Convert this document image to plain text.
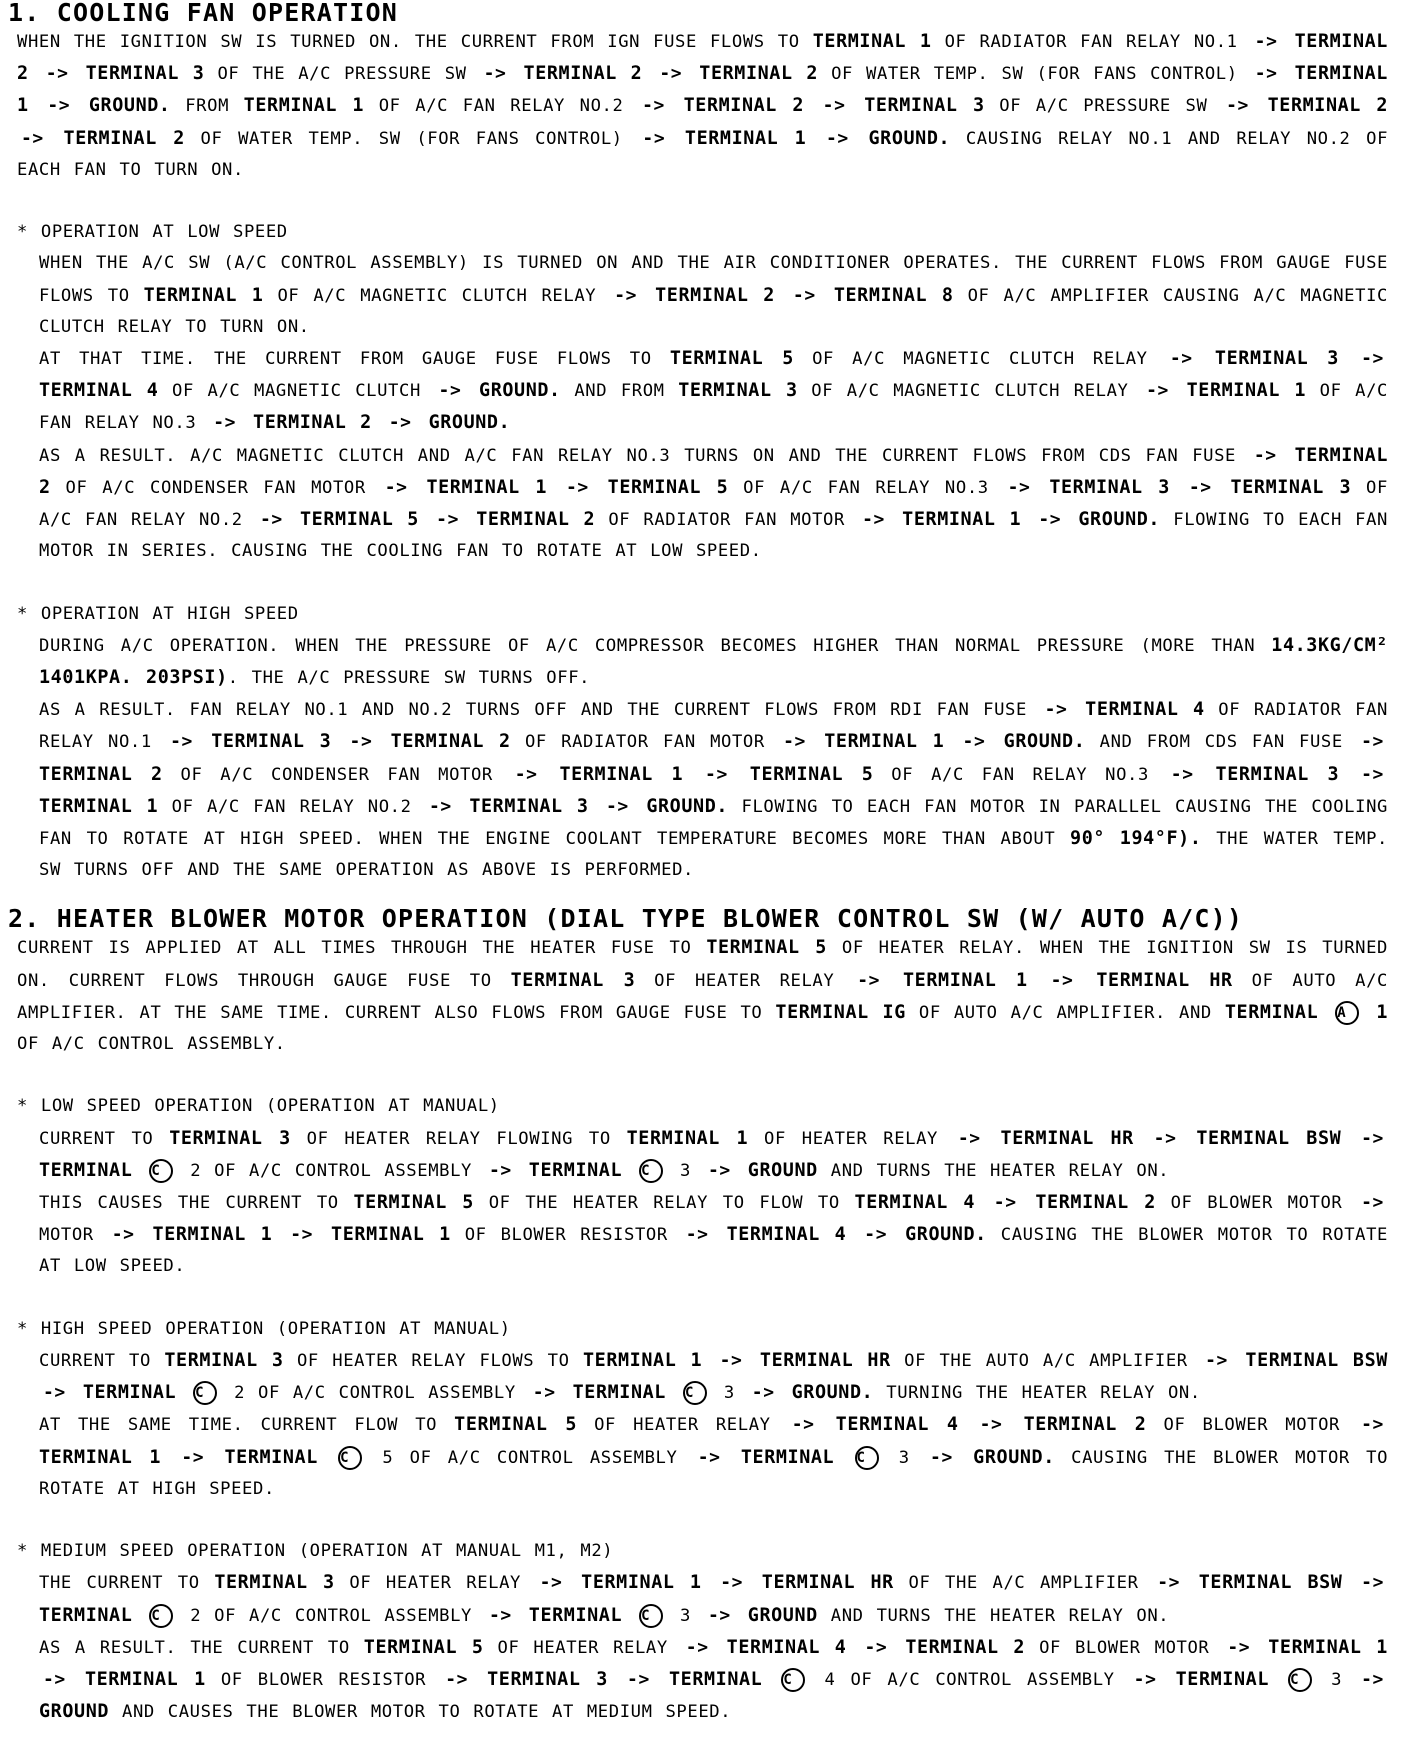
1. COOLING FAN OPERATION

WHEN THE IGNITION SW IS TURNED ON. THE CURRENT FROM IGN FUSE FLOWS TO TERMINAL 1 OF RADIATOR FAN RELAY NO.1 -> TERMINAL 2 -> TERMINAL 3 OF THE A/C PRESSURE SW -> TERMINAL 2 -> TERMINAL 2 OF WATER TEMP. SW (FOR FANS CONTROL) -> TERMINAL 1 -> GROUND. FROM TERMINAL 1 OF A/C FAN RELAY NO.2 -> TERMINAL 2 -> TERMINAL 3 OF A/C PRESSURE SW -> TERMINAL 2 -> TERMINAL 2 OF WATER TEMP. SW (FOR FANS CONTROL) -> TERMINAL 1 -> GROUND. CAUSING RELAY NO.1 AND RELAY NO.2 OF EACH FAN TO TURN ON.

* OPERATION AT LOW SPEED

WHEN THE A/C SW (A/C CONTROL ASSEMBLY) IS TURNED ON AND THE AIR CONDITIONER OPERATES. THE CURRENT FLOWS FROM GAUGE FUSE FLOWS TO TERMINAL 1 OF A/C MAGNETIC CLUTCH RELAY -> TERMINAL 2 -> TERMINAL 8 OF A/C AMPLIFIER CAUSING A/C MAGNETIC CLUTCH RELAY TO TURN ON.

AT THAT TIME. THE CURRENT FROM GAUGE FUSE FLOWS TO TERMINAL 5 OF A/C MAGNETIC CLUTCH RELAY -> TERMINAL 3 -> TERMINAL 4 OF A/C MAGNETIC CLUTCH -> GROUND. AND FROM TERMINAL 3 OF A/C MAGNETIC CLUTCH RELAY -> TERMINAL 1 OF A/C FAN RELAY NO.3 -> TERMINAL 2 -> GROUND.

AS A RESULT. A/C MAGNETIC CLUTCH AND A/C FAN RELAY NO.3 TURNS ON AND THE CURRENT FLOWS FROM CDS FAN FUSE -> TERMINAL 2 OF A/C CONDENSER FAN MOTOR -> TERMINAL 1 -> TERMINAL 5 OF A/C FAN RELAY NO.3 -> TERMINAL 3 -> TERMINAL 3 OF A/C FAN RELAY NO.2 -> TERMINAL 5 -> TERMINAL 2 OF RADIATOR FAN MOTOR -> TERMINAL 1 -> GROUND. FLOWING TO EACH FAN MOTOR IN SERIES. CAUSING THE COOLING FAN TO ROTATE AT LOW SPEED.

* OPERATION AT HIGH SPEED

DURING A/C OPERATION. WHEN THE PRESSURE OF A/C COMPRESSOR BECOMES HIGHER THAN NORMAL PRESSURE (MORE THAN 14.3KG/CM² 1401KPA. 203PSI). THE A/C PRESSURE SW TURNS OFF.

AS A RESULT. FAN RELAY NO.1 AND NO.2 TURNS OFF AND THE CURRENT FLOWS FROM RDI FAN FUSE -> TERMINAL 4 OF RADIATOR FAN RELAY NO.1 -> TERMINAL 3 -> TERMINAL 2 OF RADIATOR FAN MOTOR -> TERMINAL 1 -> GROUND. AND FROM CDS FAN FUSE -> TERMINAL 2 OF A/C CONDENSER FAN MOTOR -> TERMINAL 1 -> TERMINAL 5 OF A/C FAN RELAY NO.3 -> TERMINAL 3 -> TERMINAL 1 OF A/C FAN RELAY NO.2 -> TERMINAL 3 -> GROUND. FLOWING TO EACH FAN MOTOR IN PARALLEL CAUSING THE COOLING FAN TO ROTATE AT HIGH SPEED. WHEN THE ENGINE COOLANT TEMPERATURE BECOMES MORE THAN ABOUT 90° 194°F). THE WATER TEMP. SW TURNS OFF AND THE SAME OPERATION AS ABOVE IS PERFORMED.

2. HEATER BLOWER MOTOR OPERATION (DIAL TYPE BLOWER CONTROL SW (W/ AUTO A/C))

CURRENT IS APPLIED AT ALL TIMES THROUGH THE HEATER FUSE TO TERMINAL 5 OF HEATER RELAY. WHEN THE IGNITION SW IS TURNED ON. CURRENT FLOWS THROUGH GAUGE FUSE TO TERMINAL 3 OF HEATER RELAY -> TERMINAL 1 -> TERMINAL HR OF AUTO A/C AMPLIFIER. AT THE SAME TIME. CURRENT ALSO FLOWS FROM GAUGE FUSE TO TERMINAL IG OF AUTO A/C AMPLIFIER. AND TERMINAL A 1 OF A/C CONTROL ASSEMBLY.

* LOW SPEED OPERATION (OPERATION AT MANUAL)

CURRENT TO TERMINAL 3 OF HEATER RELAY FLOWING TO TERMINAL 1 OF HEATER RELAY -> TERMINAL HR -> TERMINAL BSW -> TERMINAL C 2 OF A/C CONTROL ASSEMBLY -> TERMINAL C 3 -> GROUND AND TURNS THE HEATER RELAY ON.

THIS CAUSES THE CURRENT TO TERMINAL 5 OF THE HEATER RELAY TO FLOW TO TERMINAL 4 -> TERMINAL 2 OF BLOWER MOTOR -> MOTOR -> TERMINAL 1 -> TERMINAL 1 OF BLOWER RESISTOR -> TERMINAL 4 -> GROUND. CAUSING THE BLOWER MOTOR TO ROTATE AT LOW SPEED.

* HIGH SPEED OPERATION (OPERATION AT MANUAL)

CURRENT TO TERMINAL 3 OF HEATER RELAY FLOWS TO TERMINAL 1 -> TERMINAL HR OF THE AUTO A/C AMPLIFIER -> TERMINAL BSW -> TERMINAL C 2 OF A/C CONTROL ASSEMBLY -> TERMINAL C 3 -> GROUND. TURNING THE HEATER RELAY ON.

AT THE SAME TIME. CURRENT FLOW TO TERMINAL 5 OF HEATER RELAY -> TERMINAL 4 -> TERMINAL 2 OF BLOWER MOTOR -> TERMINAL 1 -> TERMINAL C 5 OF A/C CONTROL ASSEMBLY -> TERMINAL C 3 -> GROUND. CAUSING THE BLOWER MOTOR TO ROTATE AT HIGH SPEED.

* MEDIUM SPEED OPERATION (OPERATION AT MANUAL M1, M2)

THE CURRENT TO TERMINAL 3 OF HEATER RELAY -> TERMINAL 1 -> TERMINAL HR OF THE A/C AMPLIFIER -> TERMINAL BSW -> TERMINAL C 2 OF A/C CONTROL ASSEMBLY -> TERMINAL C 3 -> GROUND AND TURNS THE HEATER RELAY ON.

AS A RESULT. THE CURRENT TO TERMINAL 5 OF HEATER RELAY -> TERMINAL 4 -> TERMINAL 2 OF BLOWER MOTOR -> TERMINAL 1 -> TERMINAL 1 OF BLOWER RESISTOR -> TERMINAL 3 -> TERMINAL C 4 OF A/C CONTROL ASSEMBLY -> TERMINAL C 3 -> GROUND AND CAUSES THE BLOWER MOTOR TO ROTATE AT MEDIUM SPEED.
